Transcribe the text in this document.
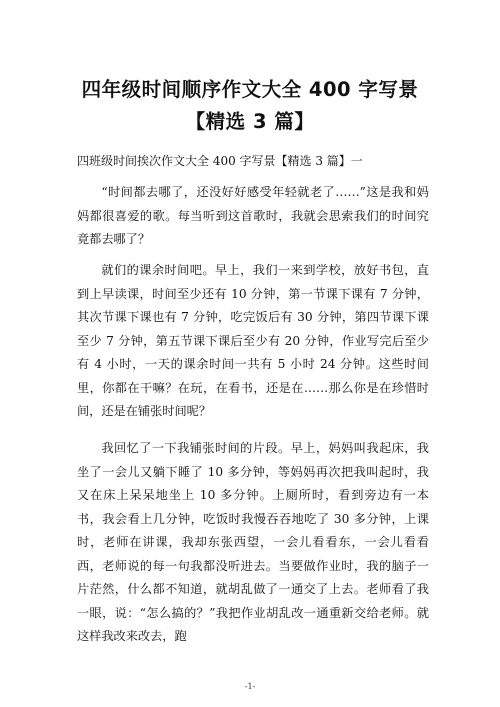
四年级时间顺序作文大全 400 字写景【精选 3 篇】
四班级时间挨次作文大全 400 字写景【精选 3 篇】一

“时间都去哪了，还没好好感受年轻就老了……”这是我和妈妈都很喜爱的歌。每当听到这首歌时，我就会思索我们的时间究竟都去哪了？

就们的课余时间吧。早上，我们一来到学校，放好书包，直到上早读课，时间至少还有 10 分钟，第一节课下课有 7 分钟，其次节课下课也有 7 分钟，吃完饭后有 30 分钟，第四节课下课至少 7 分钟，第五节课下课后至少有 20 分钟，作业写完后至少有 4 小时，一天的课余时间一共有 5 小时 24 分钟。这些时间里，你都在干嘛？在玩，在看书，还是在……那么你是在珍惜时间，还是在铺张时间呢？

我回忆了一下我铺张时间的片段。早上，妈妈叫我起床，我坐了一会儿又躺下睡了 10 多分钟，等妈妈再次把我叫起时，我又在床上呆呆地坐上 10 多分钟。上厕所时，看到旁边有一本书，我会看上几分钟，吃饭时我慢吞吞地吃了 30 多分钟，上课时，老师在讲课，我却东张西望，一会儿看看东，一会儿看看西，老师说的每一句我都没听进去。当要做作业时，我的脑子一片茫然，什么都不知道，就胡乱做了一通交了上去。老师看了我一眼，说：“怎么搞的？”我把作业胡乱改一通重新交给老师。就这样我改来改去，跑

-1-
